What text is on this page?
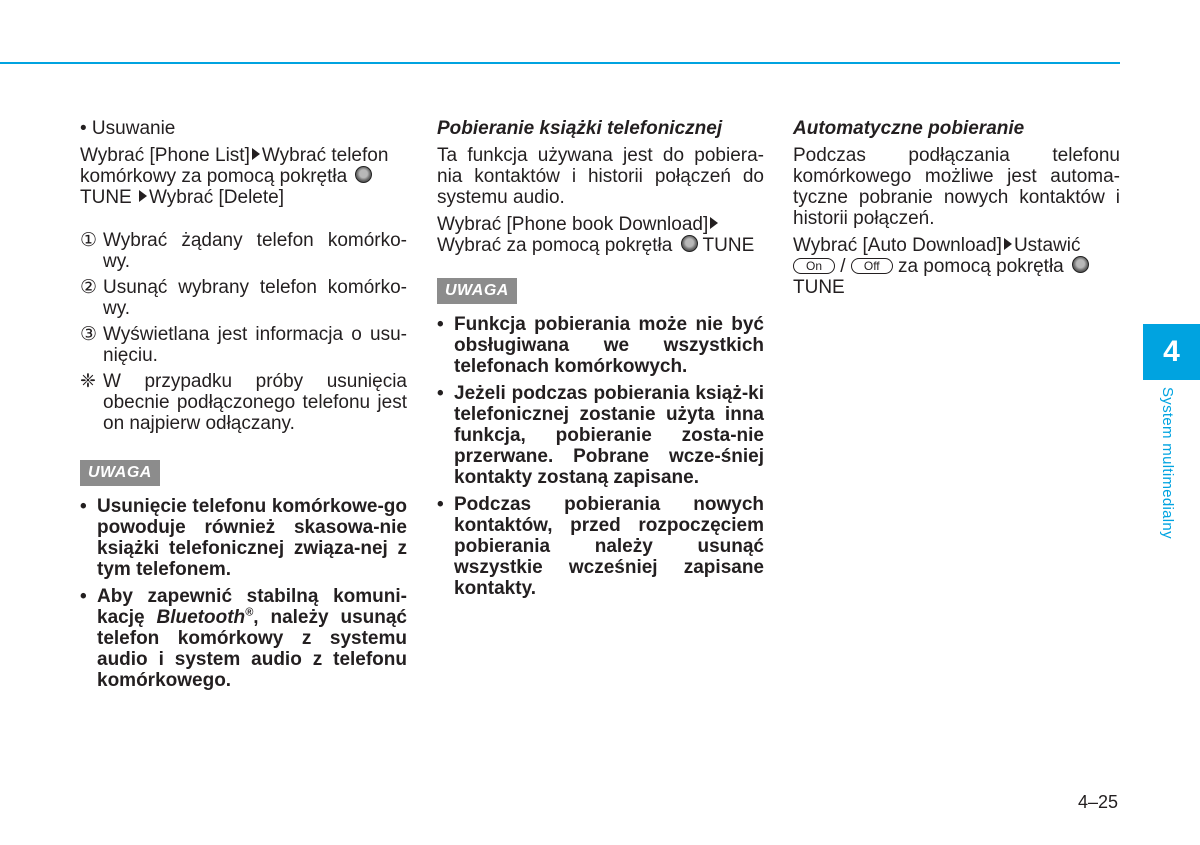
• Usuwanie

Wybrać [Phone List] Wybrać telefon komórkowy za pomocą pokrętła
TUNE Wybrać [Delete]

① Wybrać żądany telefon komórko-wy.
② Usunąć wybrany telefon komórko-wy.
③ Wyświetlana jest informacja o usu-nięciu.
❈ W przypadku próby usunięcia obecnie podłączonego telefonu jest on najpierw odłączany.
UWAGA
• Usunięcie telefonu komórkowe-go powoduje również skasowa-nie książki telefonicznej związa-nej z tym telefonem.
• Aby zapewnić stabilną komuni-kację Bluetooth®, należy usunąć telefon komórkowy z systemu audio i system audio z telefonu komórkowego.
Pobieranie książki telefonicznej

Ta funkcja używana jest do pobiera-nia kontaktów i historii połączeń do systemu audio.

Wybrać [Phone book Download]
Wybrać za pomocą pokrętła TUNE

UWAGA
• Funkcja pobierania może nie być obsługiwana we wszystkich telefonach komórkowych.
• Jeżeli podczas pobierania książ-ki telefonicznej zostanie użyta inna funkcja, pobieranie zosta-nie przerwane. Pobrane wcze-śniej kontakty zostaną zapisane.
• Podczas pobierania nowych kontaktów, przed rozpoczęciem pobierania należy usunąć wszystkie wcześniej zapisane kontakty.
Automatyczne pobieranie

Podczas podłączania telefonu komórkowego możliwe jest automa-tyczne pobranie nowych kontaktów i historii połączeń.

Wybrać [Auto Download] Ustawić
On / Off za pomocą pokrętła
TUNE

4
System multimedialny
4–25
